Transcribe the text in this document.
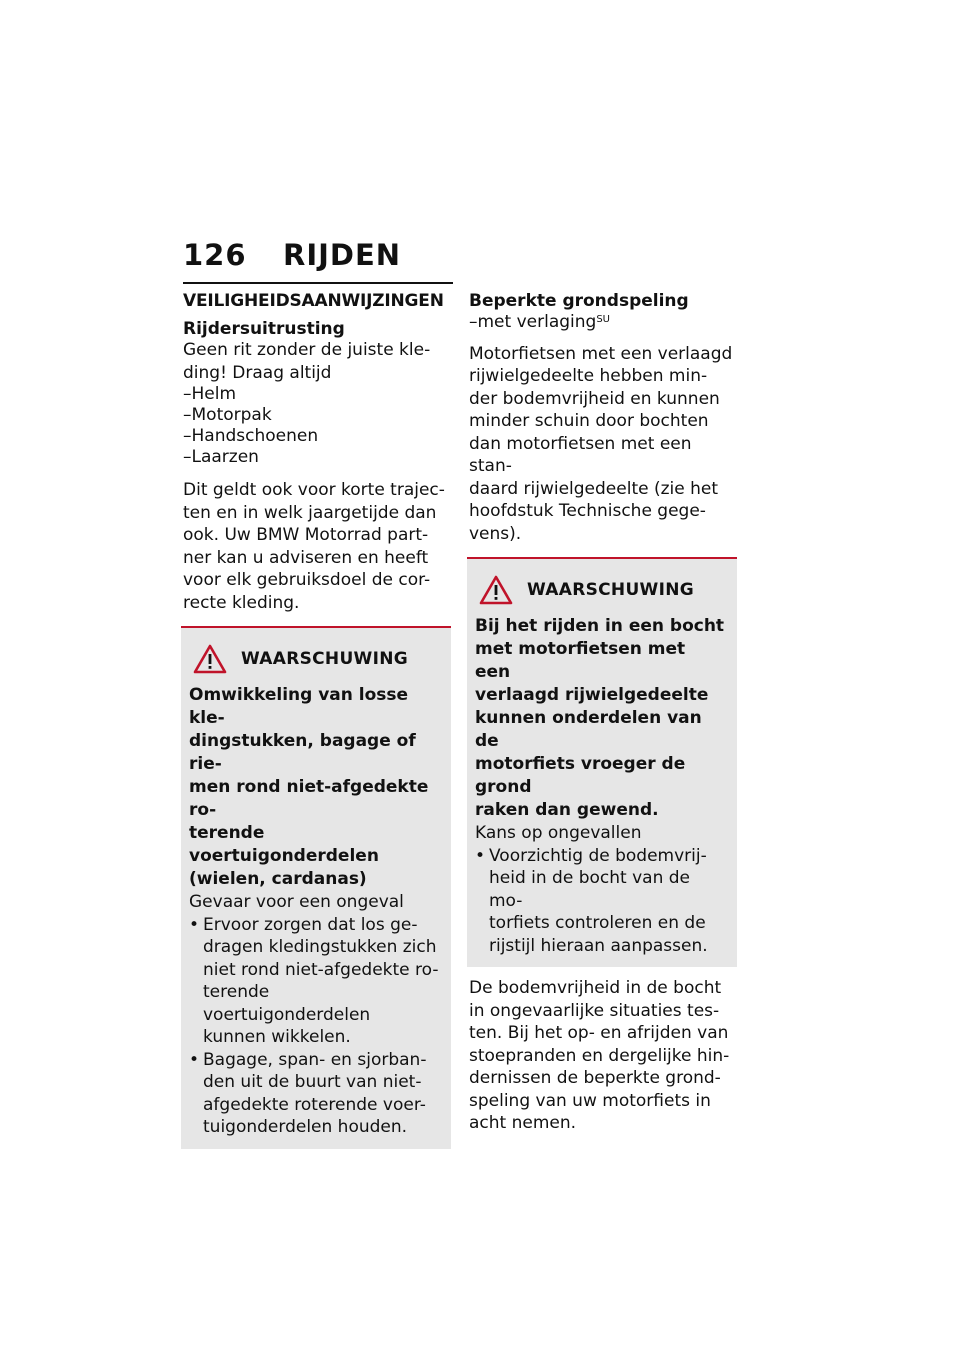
126	RIJDEN
VEILIGHEIDSAANWIJZINGEN
Rijdersuitrusting
Geen rit zonder de juiste kle-
ding! Draag altijd
–Helm
–Motorpak
–Handschoenen
–Laarzen
Dit geldt ook voor korte trajec-
ten en in welk jaargetijde dan
ook. Uw BMW Motorrad part-
ner kan u adviseren en heeft
voor elk gebruiksdoel de cor-
recte kleding.
WAARSCHUWING
Omwikkeling van losse kle-
dingstukken, bagage of rie-
men rond niet-afgedekte ro-
terende voertuigonderdelen
(wielen, cardanas)
Gevaar voor een ongeval
• Ervoor zorgen dat los ge-
dragen kledingstukken zich
niet rond niet-afgedekte ro-
terende voertuigonderdelen
kunnen wikkelen.
• Bagage, span- en sjorban-
den uit de buurt van niet-
afgedekte roterende voer-
tuigonderdelen houden.
Beperkte grondspeling
–met verlaging$^{SU}$
Motorfietsen met een verlaagd
rijwielgedeelte hebben min-
der bodemvrijheid en kunnen
minder schuin door bochten
dan motorfietsen met een stan-
daard rijwielgedeelte (zie het
hoofdstuk Technische gege-
vens).
WAARSCHUWING
Bij het rijden in een bocht
met motorfietsen met een
verlaagd rijwielgedeelte
kunnen onderdelen van de
motorfiets vroeger de grond
raken dan gewend.
Kans op ongevallen
• Voorzichtig de bodemvrij-
heid in de bocht van de mo-
torfiets controleren en de
rijstijl hieraan aanpassen.
De bodemvrijheid in de bocht
in ongevaarlijke situaties tes-
ten. Bij het op- en afrijden van
stoepranden en dergelijke hin-
dernissen de beperkte grond-
speling van uw motorfiets in
acht nemen.
